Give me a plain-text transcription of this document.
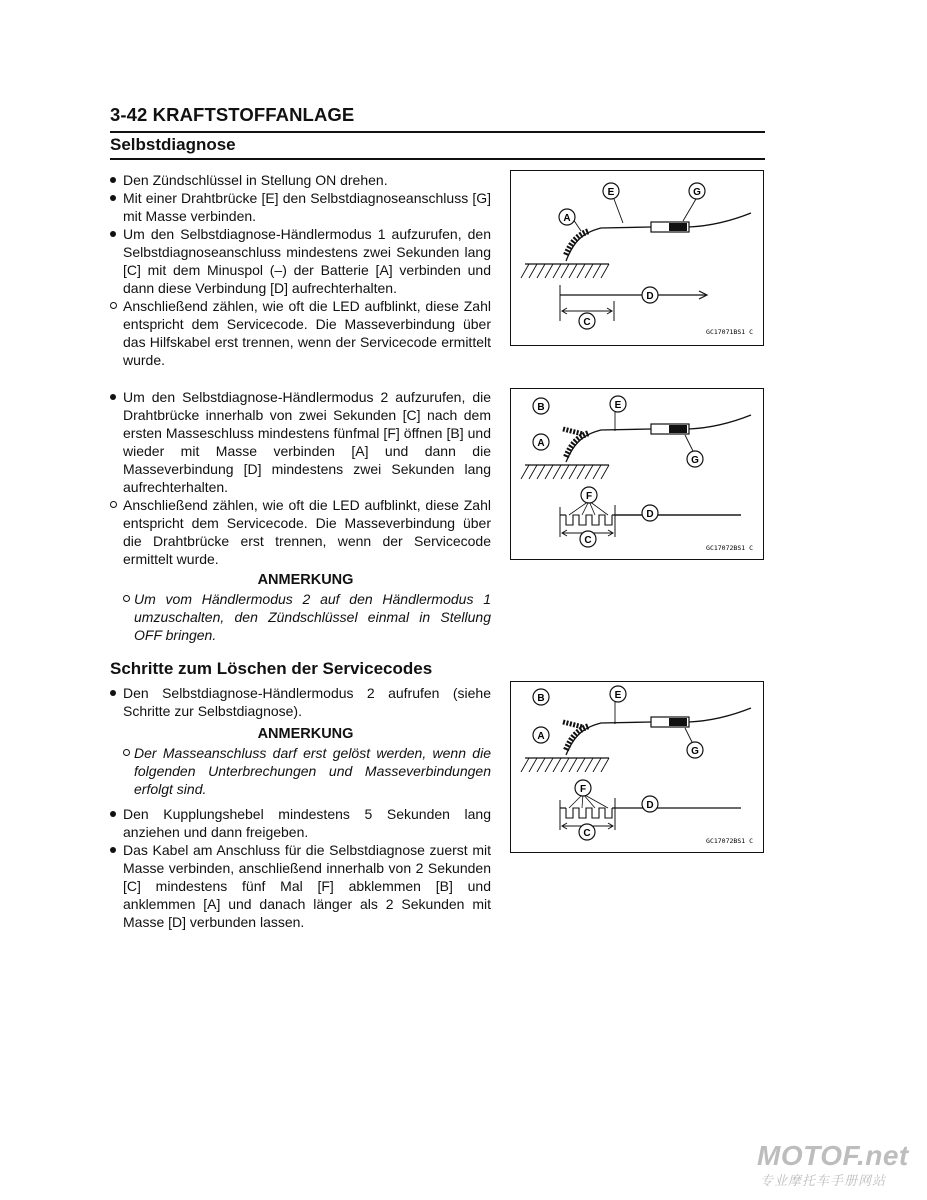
3-42 KRAFTSTOFFANLAGE
Selbstdiagnose
Den Zündschlüssel in Stellung ON drehen.
Mit einer Drahtbrücke [E] den Selbstdiagnoseanschluss [G] mit Masse verbinden.
Um den Selbstdiagnose-Händlermodus 1 aufzurufen, den Selbstdiagnoseanschluss mindestens zwei Sekunden lang [C] mit dem Minuspol (–) der Batterie [A] verbinden und dann diese Verbindung [D] aufrechterhalten.
Anschließend zählen, wie oft die LED aufblinkt, diese Zahl entspricht dem Servicecode. Die Masseverbindung über das Hilfskabel erst trennen, wenn der Servicecode ermittelt wurde.
Um den Selbstdiagnose-Händlermodus 2 aufzurufen, die Drahtbrücke innerhalb von zwei Sekunden [C] nach dem ersten Masseschluss mindestens fünfmal [F] öffnen [B] und wieder mit Masse verbinden [A] und dann die Masseverbindung [D] mindestens zwei Sekunden lang aufrechterhalten.
Anschließend zählen, wie oft die LED aufblinkt, diese Zahl entspricht dem Servicecode. Die Masseverbindung über die Drahtbrücke erst trennen, wenn der Servicecode ermittelt wurde.
ANMERKUNG
Um vom Händlermodus 2 auf den Händlermodus 1 umzuschalten, den Zündschlüssel einmal in Stellung OFF bringen.
Schritte zum Löschen der Servicecodes
Den Selbstdiagnose-Händlermodus 2 aufrufen (siehe Schritte zur Selbstdiagnose).
ANMERKUNG
Der Masseanschluss darf erst gelöst werden, wenn die folgenden Unterbrechungen und Masseverbindungen erfolgt sind.
Den Kupplungshebel mindestens 5 Sekunden lang anziehen und dann freigeben.
Das Kabel am Anschluss für die Selbstdiagnose zuerst mit Masse verbinden, anschließend innerhalb von 2 Sekunden [C] mindestens fünf Mal [F] abklemmen [B] und anklemmen [A] und danach länger als 2 Sekunden mit Masse [D] verbunden lassen.
A
E	G
D
C
GC17071BS1 C
B
A
E
G
F
D
C
GC17072BS1 C
B
A
E
G
F
D
C
GC17072BS1 C
MOTOF.net
专业摩托车手册网站
